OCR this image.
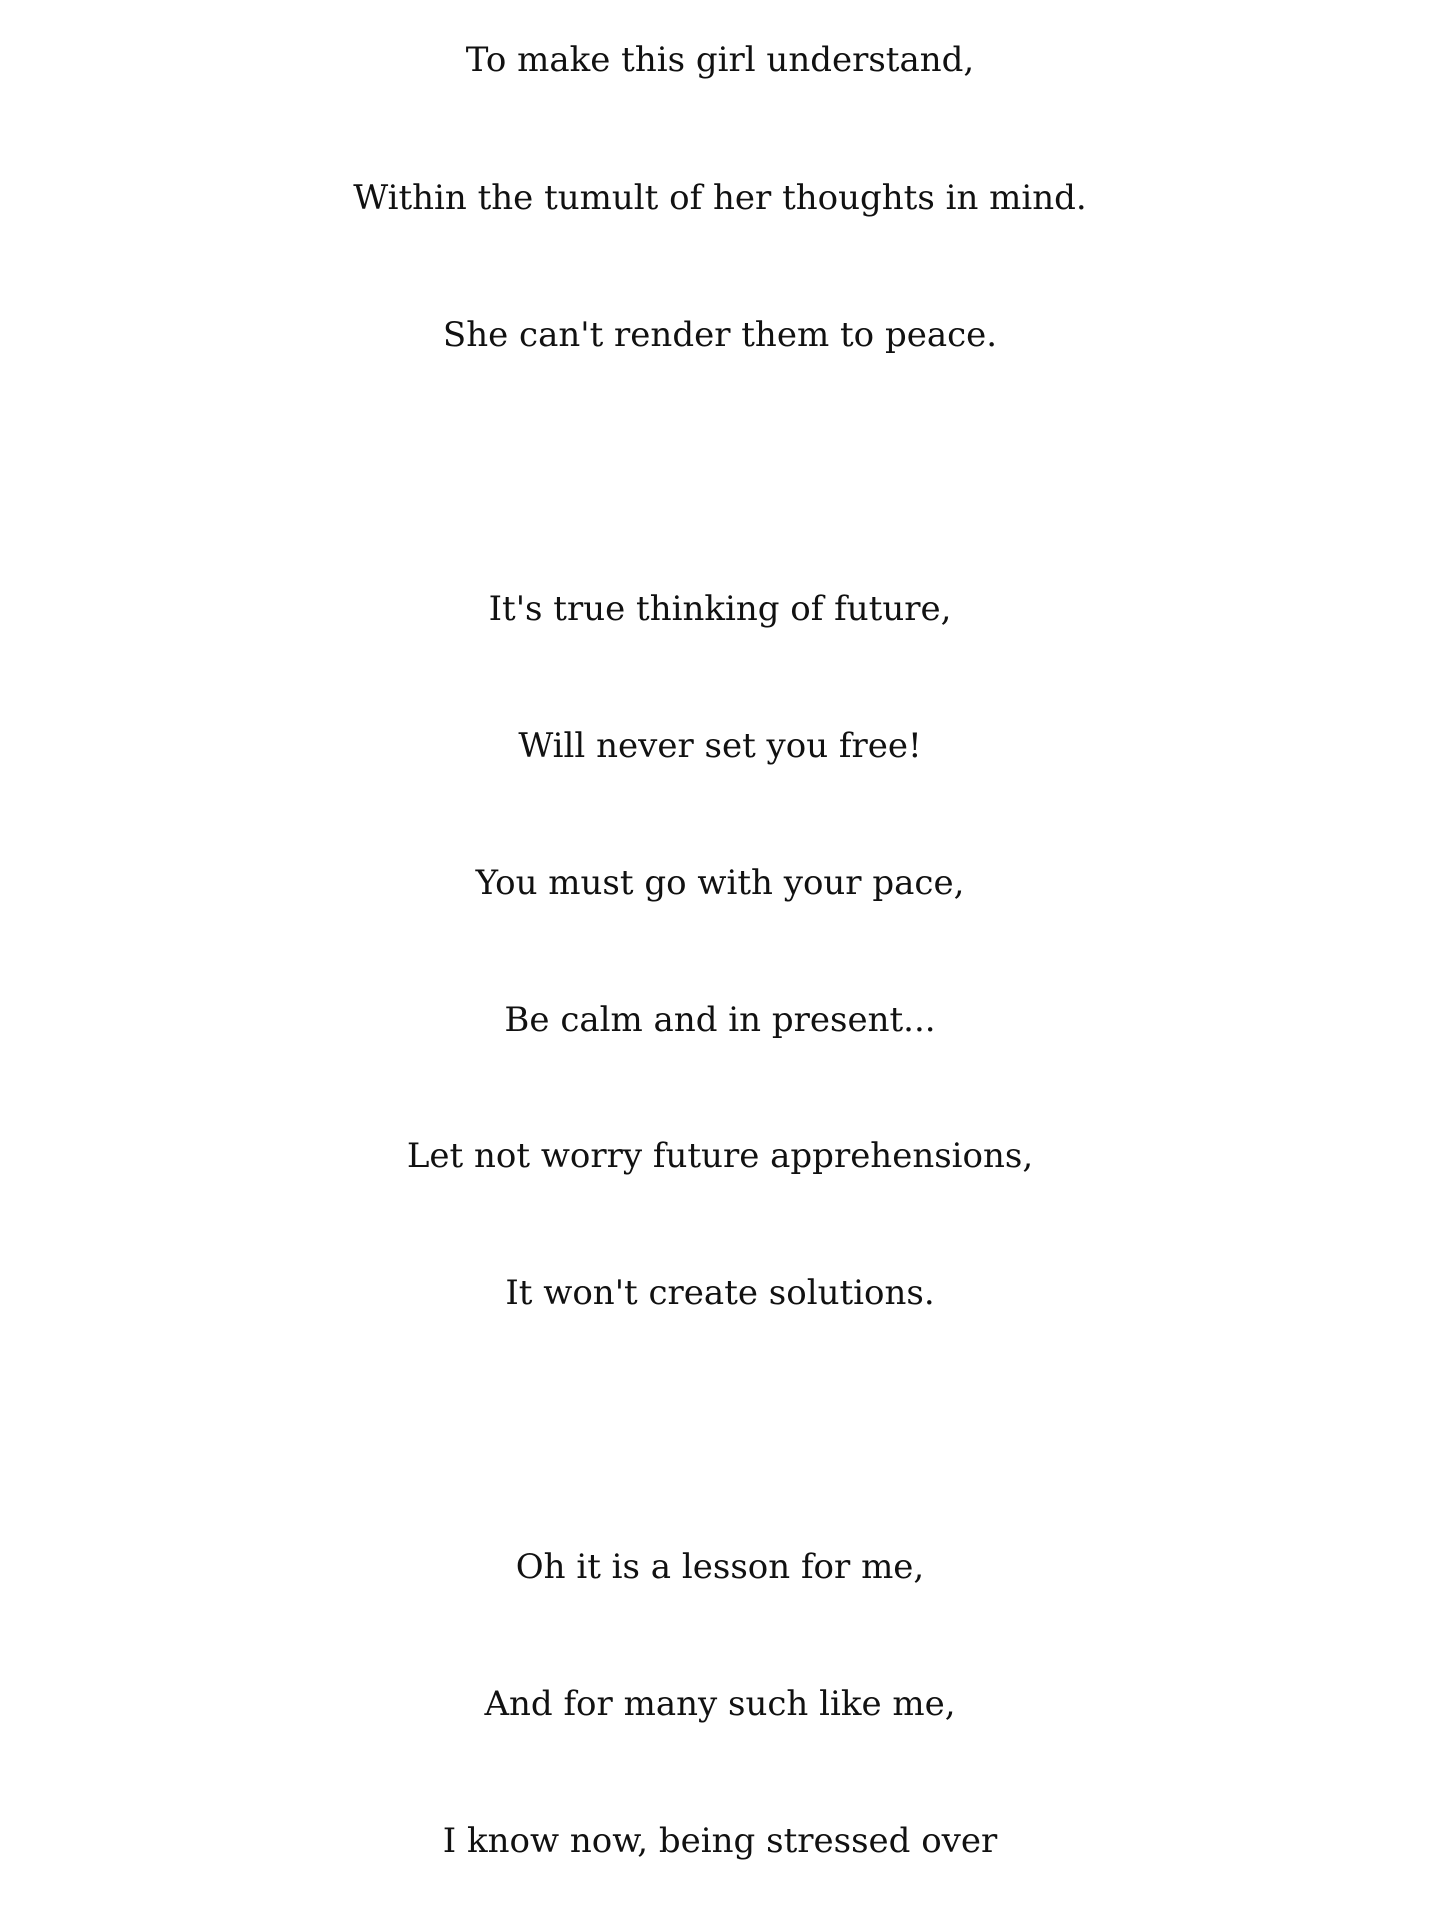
To make this girl understand,
Within the tumult of her thoughts in mind.
She can't render them to peace.
It's true thinking of future,
Will never set you free!
You must go with your pace,
Be calm and in present...
Let not worry future apprehensions,
It won't create solutions.
Oh it is a lesson for me,
And for many such like me,
I know now, being stressed over
